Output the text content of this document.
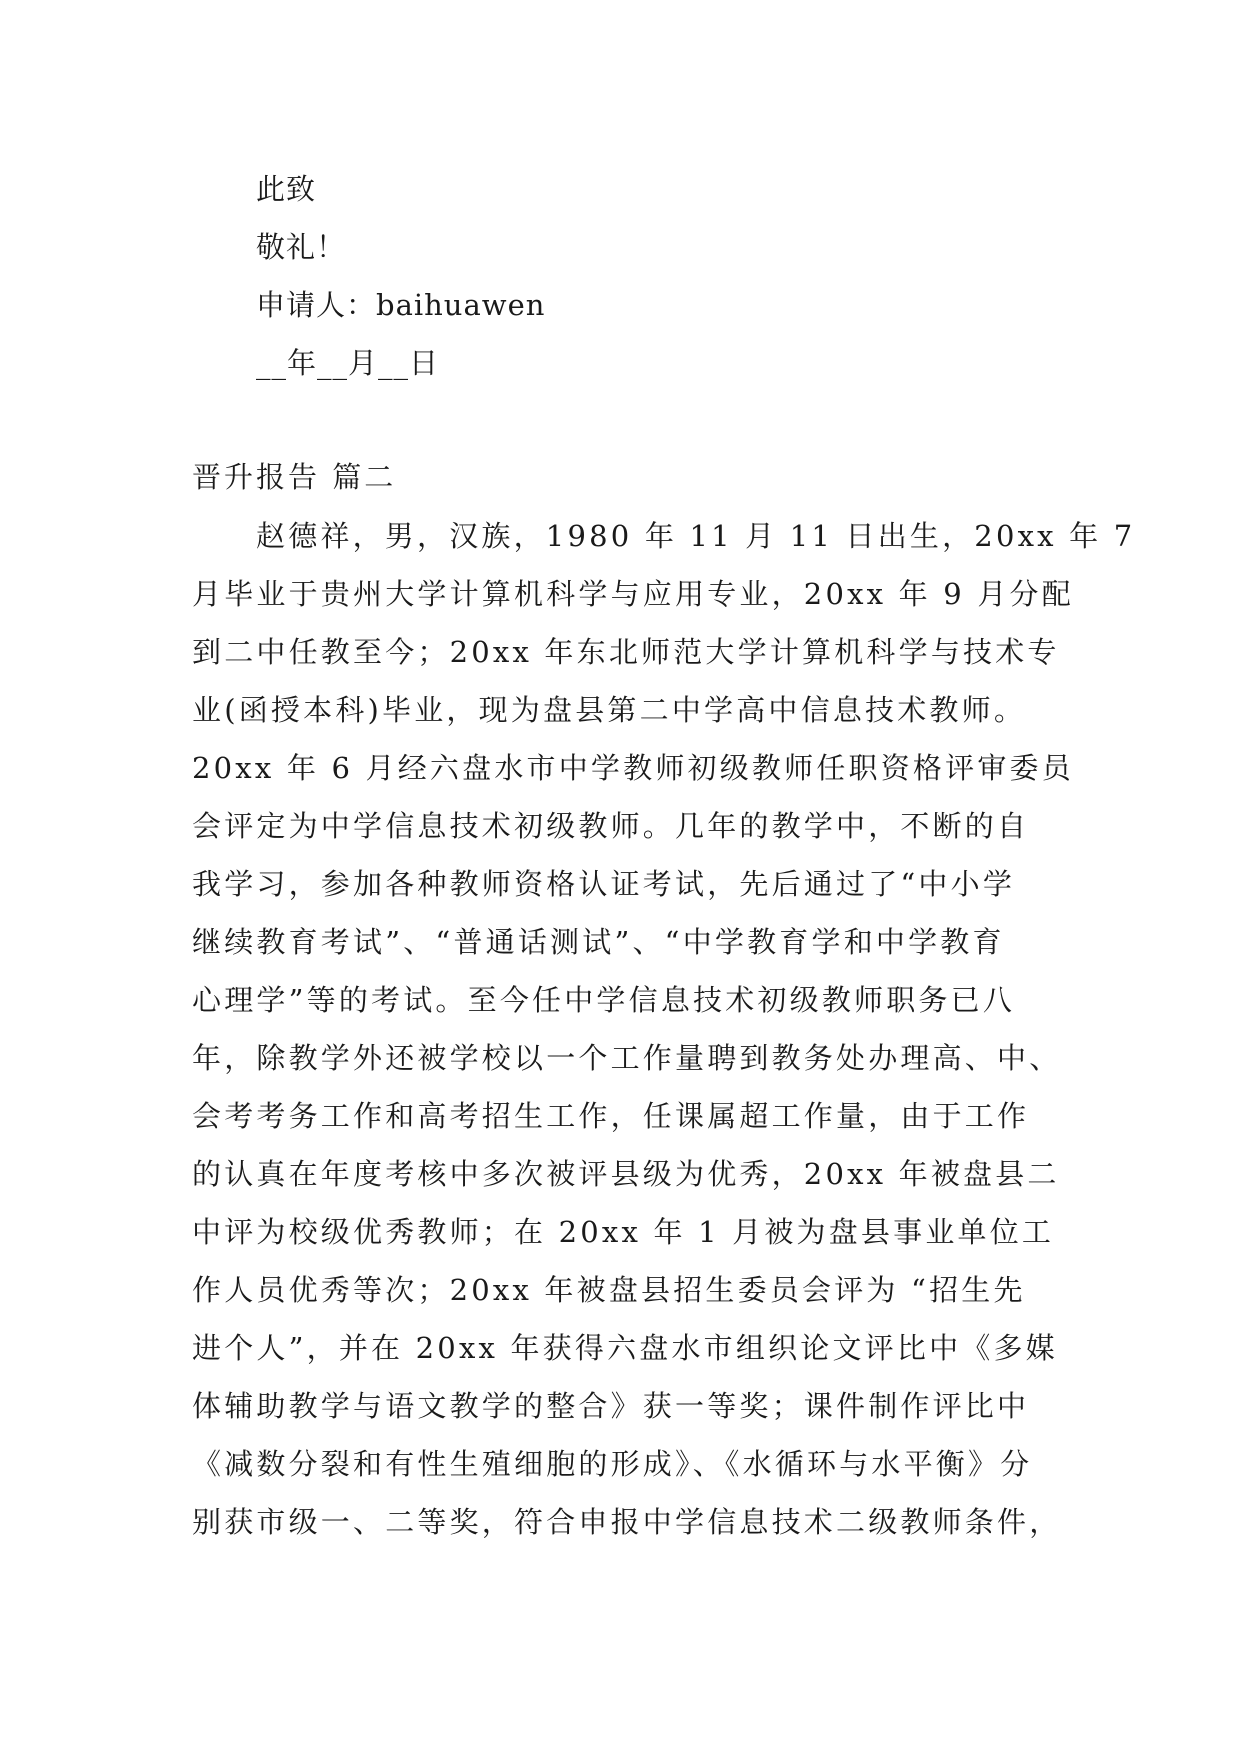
此致
敬礼！
申请人：baihuawen
__年__月__日
晋升报告 篇二
赵德祥，男，汉族，1980 年 11 月 11 日出生，20xx 年 7
月毕业于贵州大学计算机科学与应用专业，20xx 年 9 月分配
到二中任教至今；20xx 年东北师范大学计算机科学与技术专
业(函授本科)毕业，现为盘县第二中学高中信息技术教师。
20xx 年 6 月经六盘水市中学教师初级教师任职资格评审委员
会评定为中学信息技术初级教师。几年的教学中，不断的自
我学习，参加各种教师资格认证考试，先后通过了“中小学
继续教育考试”、“普通话测试”、“中学教育学和中学教育
心理学”等的考试。至今任中学信息技术初级教师职务已八
年，除教学外还被学校以一个工作量聘到教务处办理高、中、
会考考务工作和高考招生工作，任课属超工作量，由于工作
的认真在年度考核中多次被评县级为优秀，20xx 年被盘县二
中评为校级优秀教师；在 20xx 年 1 月被为盘县事业单位工
作人员优秀等次；20xx 年被盘县招生委员会评为 “招生先
进个人”，并在 20xx 年获得六盘水市组织论文评比中《多媒
体辅助教学与语文教学的整合》获一等奖；课件制作评比中
《减数分裂和有性生殖细胞的形成》、《水循环与水平衡》分
别获市级一、二等奖，符合申报中学信息技术二级教师条件，
